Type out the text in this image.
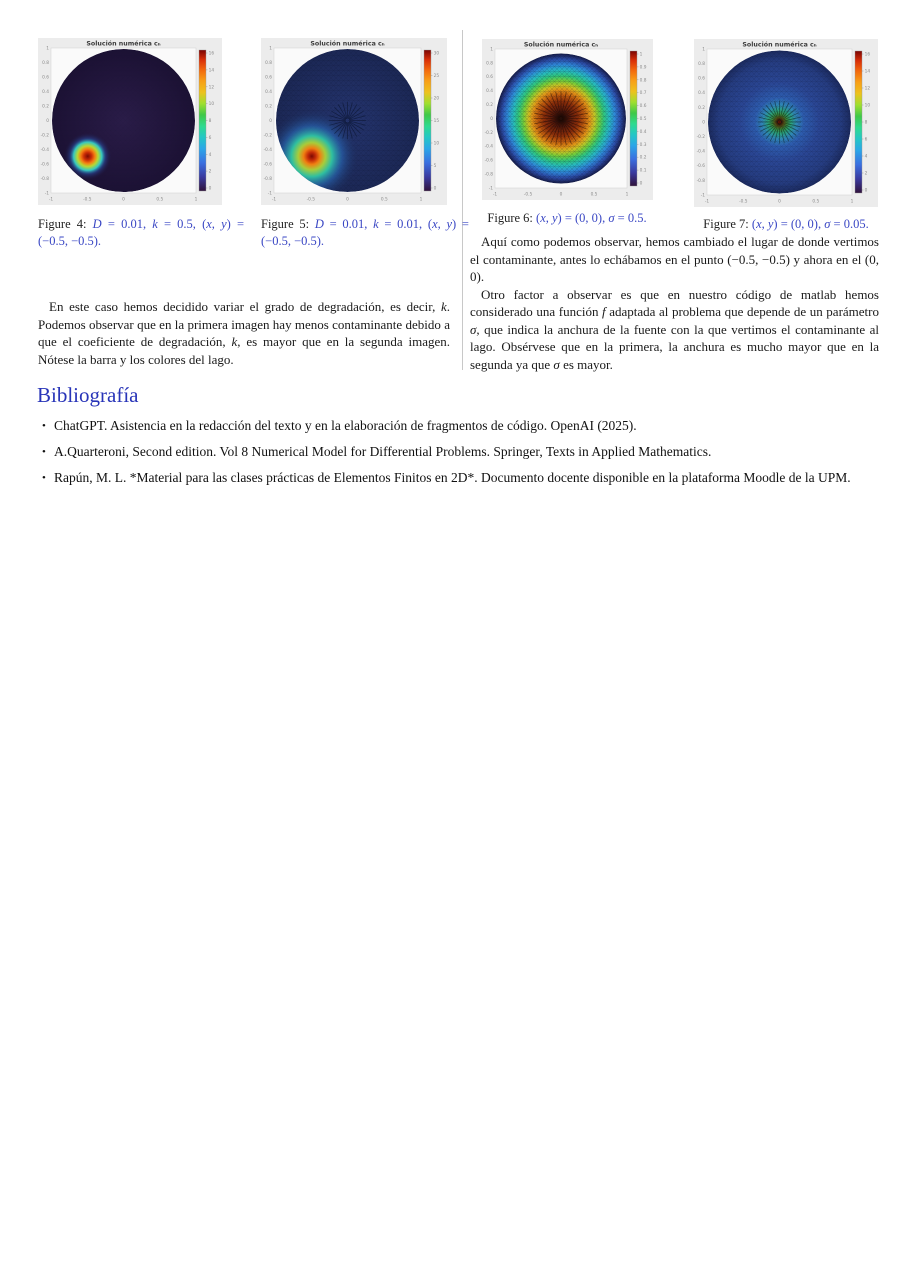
Solución numérica cₕ
1
0.8
0.6
0.4
0.2
0
-0.2
-0.4
-0.6
-0.8
-1
-1	-0.5	0	0.5	1
16
14
12
10
8
6
4
2
0
Solución numérica cₕ
1
0.8
0.6
0.4
0.2
0
-0.2
-0.4
-0.6
-0.8
-1
-1	-0.5	0	0.5	1
30
25
20
15
10
5
0
Solución numérica cₕ
1
0.8
0.6
0.4
0.2
0
-0.2
-0.4
-0.6
-0.8
-1
-1	-0.5	0	0.5	1
1
0.9
0.8
0.7
0.6
0.5
0.4
0.3
0.2
0.1
0
Solución numérica cₕ
1
0.8
0.6
0.4
0.2
0
-0.2
-0.4
-0.6
-0.8
-1
-1	-0.5	0	0.5	1
16
14
12
10
8
6
4
2
0
Figure 4: D = 0.01, k = 0.5, (x, y) = (−0.5, −0.5).
Figure 5: D = 0.01, k = 0.01, (x, y) = (−0.5, −0.5).
Figure 6: (x, y) = (0, 0), σ = 0.5.	Figure 7: (x, y) = (0, 0), σ = 0.05.

En este caso hemos decidido variar el grado de degradación, es decir, k. Podemos observar que en la primera imagen hay menos contaminante debido a que el coeficiente de degradación, k, es mayor que en la segunda imagen. Nótese la barra y los colores del lago.

Aquí como podemos observar, hemos cambiado el lugar de donde vertimos el contaminante, antes lo echábamos en el punto (−0.5, −0.5) y ahora en el (0, 0).

Otro factor a observar es que en nuestro código de matlab hemos considerado una función f adaptada al problema que depende de un parámetro σ, que indica la anchura de la fuente con la que vertimos el contaminante al lago. Obsérvese que en la primera, la anchura es mucho mayor que en la segunda ya que σ es mayor.

Bibliografía
• ChatGPT. Asistencia en la redacción del texto y en la elaboración de fragmentos de código. OpenAI (2025).
• A.Quarteroni, Second edition. Vol 8 Numerical Model for Differential Problems. Springer, Texts in Applied Mathematics.
• Rapún, M. L. *Material para las clases prácticas de Elementos Finitos en 2D*. Documento docente disponible en la plataforma Moodle de la UPM.
